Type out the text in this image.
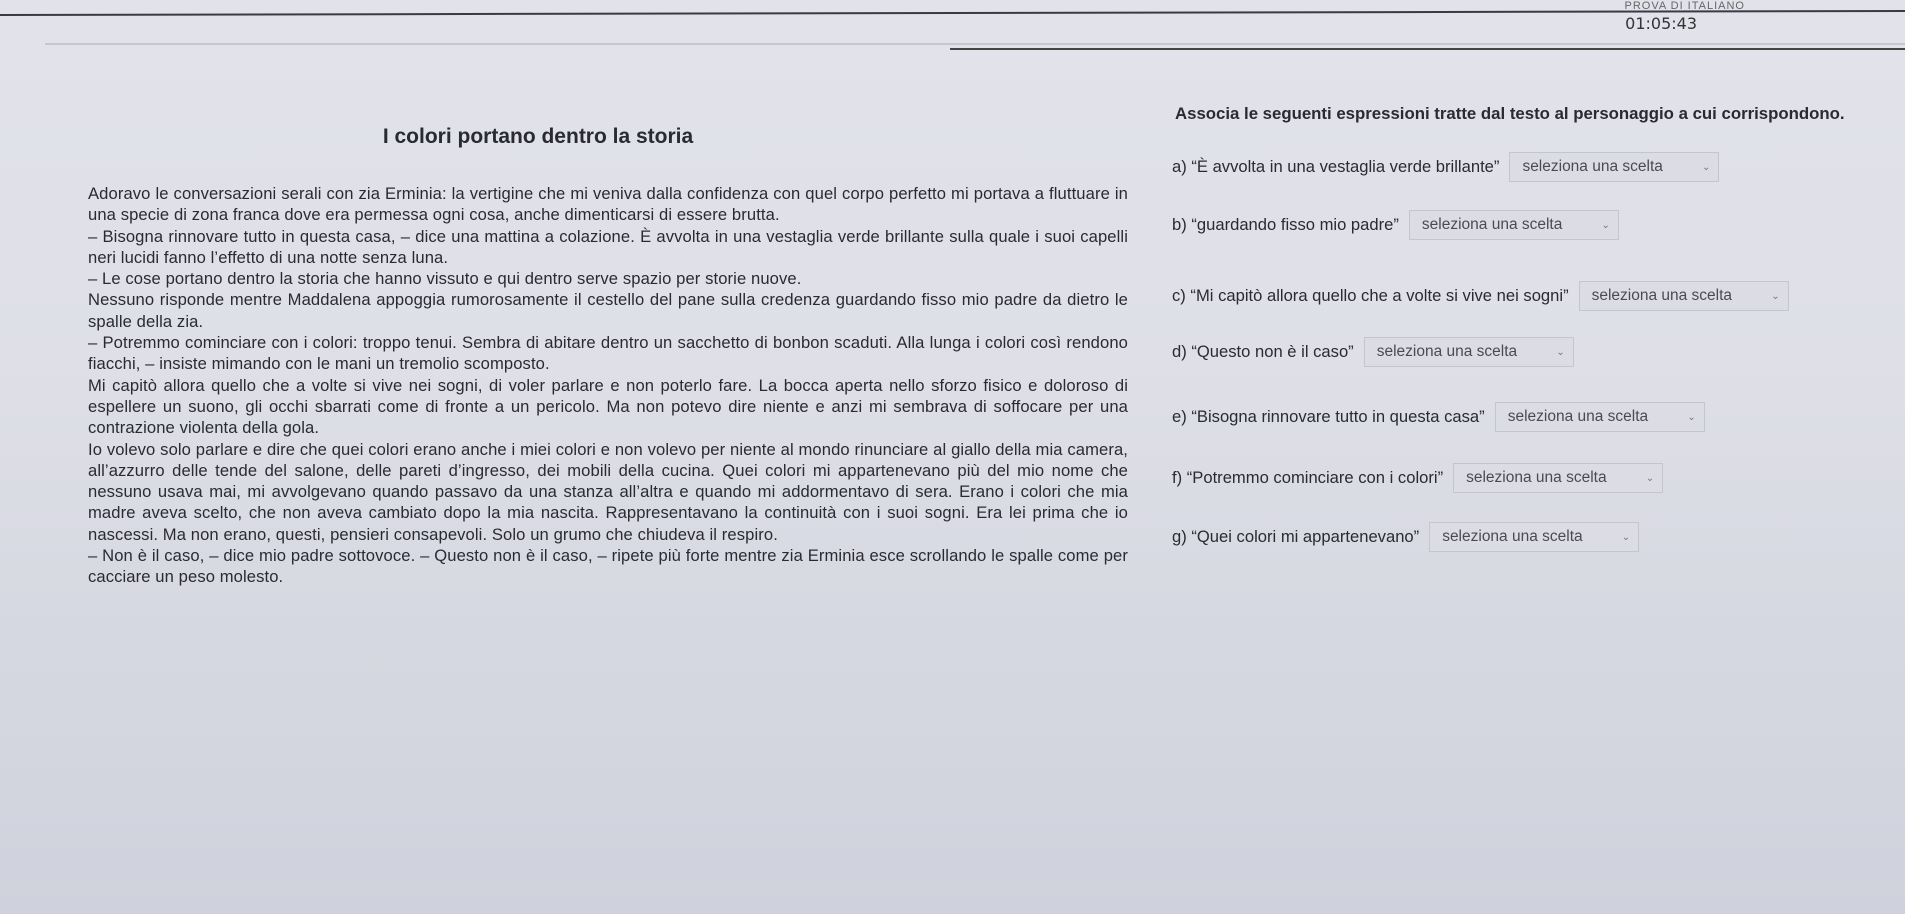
PROVA DI ITALIANO
01:05:43
I colori portano dentro la storia

Adoravo le conversazioni serali con zia Erminia: la vertigine che mi veniva dalla confidenza con quel corpo perfetto mi portava a fluttuare in una specie di zona franca dove era permessa ogni cosa, anche dimenticarsi di essere brutta.

– Bisogna rinnovare tutto in questa casa, – dice una mattina a colazione. È avvolta in una vestaglia verde brillante sulla quale i suoi capelli neri lucidi fanno l’effetto di una notte senza luna.

– Le cose portano dentro la storia che hanno vissuto e qui dentro serve spazio per storie nuove.

Nessuno risponde mentre Maddalena appoggia rumorosamente il cestello del pane sulla credenza guardando fisso mio padre da dietro le spalle della zia.

– Potremmo cominciare con i colori: troppo tenui. Sembra di abitare dentro un sacchetto di bonbon scaduti. Alla lunga i colori così rendono fiacchi, – insiste mimando con le mani un tremolio scomposto.

Mi capitò allora quello che a volte si vive nei sogni, di voler parlare e non poterlo fare. La bocca aperta nello sforzo fisico e doloroso di espellere un suono, gli occhi sbarrati come di fronte a un pericolo. Ma non potevo dire niente e anzi mi sembrava di soffocare per una contrazione violenta della gola.

Io volevo solo parlare e dire che quei colori erano anche i miei colori e non volevo per niente al mondo rinunciare al giallo della mia camera, all’azzurro delle tende del salone, delle pareti d’ingresso, dei mobili della cucina. Quei colori mi appartenevano più del mio nome che nessuno usava mai, mi avvolgevano quando passavo da una stanza all’altra e quando mi addormentavo di sera. Erano i colori che mia madre aveva scelto, che non aveva cambiato dopo la mia nascita. Rappresentavano la continuità con i suoi sogni. Era lei prima che io nascessi. Ma non erano, questi, pensieri consapevoli. Solo un grumo che chiudeva il respiro.

– Non è il caso, – dice mio padre sottovoce. – Questo non è il caso, – ripete più forte mentre zia Erminia esce scrollando le spalle come per cacciare un peso molesto.

Associa le seguenti espressioni tratte dal testo al personaggio a cui corrispondono.
a) “È avvolta in una vestaglia verde brillante” seleziona una scelta	⌄
b) “guardando fisso mio padre” seleziona una scelta	⌄
c) “Mi capitò allora quello che a volte si vive nei sogni” seleziona una scelta	⌄
d) “Questo non è il caso” seleziona una scelta	⌄
e) “Bisogna rinnovare tutto in questa casa” seleziona una scelta	⌄
f) “Potremmo cominciare con i colori” seleziona una scelta	⌄
g) “Quei colori mi appartenevano” seleziona una scelta	⌄
